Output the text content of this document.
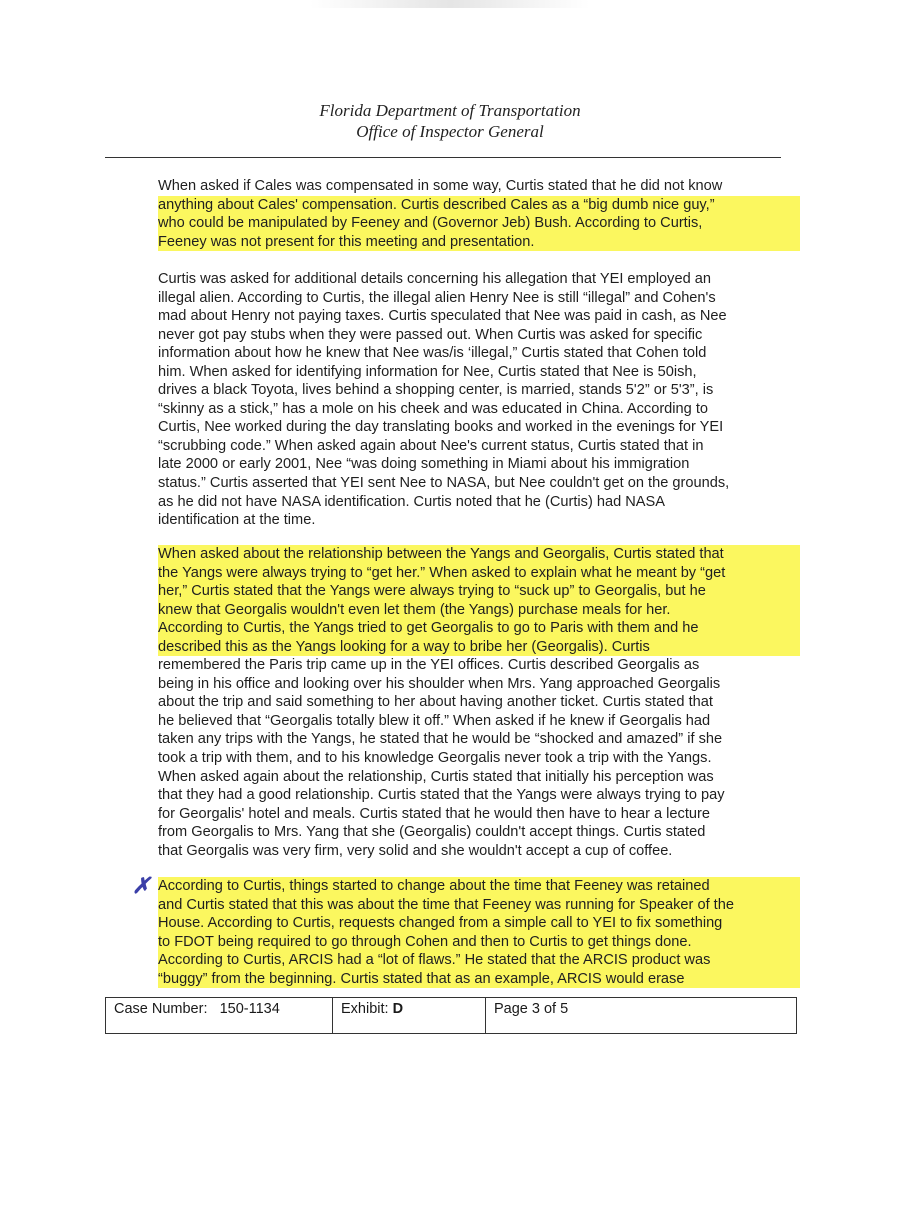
Florida Department of Transportation
Office of Inspector General
When asked if Cales was compensated in some way, Curtis stated that he did not know
anything about Cales' compensation. Curtis described Cales as a “big dumb nice guy,”
who could be manipulated by Feeney and (Governor Jeb) Bush. According to Curtis,
Feeney was not present for this meeting and presentation.
Curtis was asked for additional details concerning his allegation that YEI employed an
illegal alien. According to Curtis, the illegal alien Henry Nee is still “illegal” and Cohen's
mad about Henry not paying taxes. Curtis speculated that Nee was paid in cash, as Nee
never got pay stubs when they were passed out. When Curtis was asked for specific
information about how he knew that Nee was/is ‘illegal,” Curtis stated that Cohen told
him. When asked for identifying information for Nee, Curtis stated that Nee is 50ish,
drives a black Toyota, lives behind a shopping center, is married, stands 5'2” or 5'3”, is
“skinny as a stick,” has a mole on his cheek and was educated in China. According to
Curtis, Nee worked during the day translating books and worked in the evenings for YEI
“scrubbing code.” When asked again about Nee's current status, Curtis stated that in
late 2000 or early 2001, Nee “was doing something in Miami about his immigration
status.” Curtis asserted that YEI sent Nee to NASA, but Nee couldn't get on the grounds,
as he did not have NASA identification. Curtis noted that he (Curtis) had NASA
identification at the time.
When asked about the relationship between the Yangs and Georgalis, Curtis stated that
the Yangs were always trying to “get her.” When asked to explain what he meant by “get
her,” Curtis stated that the Yangs were always trying to “suck up” to Georgalis, but he
knew that Georgalis wouldn't even let them (the Yangs) purchase meals for her.
According to Curtis, the Yangs tried to get Georgalis to go to Paris with them and he
described this as the Yangs looking for a way to bribe her (Georgalis). Curtis
remembered the Paris trip came up in the YEI offices. Curtis described Georgalis as
being in his office and looking over his shoulder when Mrs. Yang approached Georgalis
about the trip and said something to her about having another ticket. Curtis stated that
he believed that “Georgalis totally blew it off.” When asked if he knew if Georgalis had
taken any trips with the Yangs, he stated that he would be “shocked and amazed” if she
took a trip with them, and to his knowledge Georgalis never took a trip with the Yangs.
When asked again about the relationship, Curtis stated that initially his perception was
that they had a good relationship. Curtis stated that the Yangs were always trying to pay
for Georgalis' hotel and meals. Curtis stated that he would then have to hear a lecture
from Georgalis to Mrs. Yang that she (Georgalis) couldn't accept things. Curtis stated
that Georgalis was very firm, very solid and she wouldn't accept a cup of coffee.
✗ According to Curtis, things started to change about the time that Feeney was retained
and Curtis stated that this was about the time that Feeney was running for Speaker of the
House. According to Curtis, requests changed from a simple call to YEI to fix something
to FDOT being required to go through Cohen and then to Curtis to get things done.
According to Curtis, ARCIS had a “lot of flaws.” He stated that the ARCIS product was
“buggy” from the beginning. Curtis stated that as an example, ARCIS would erase
Case Number: 150-1134	Exhibit: D	Page 3 of 5
